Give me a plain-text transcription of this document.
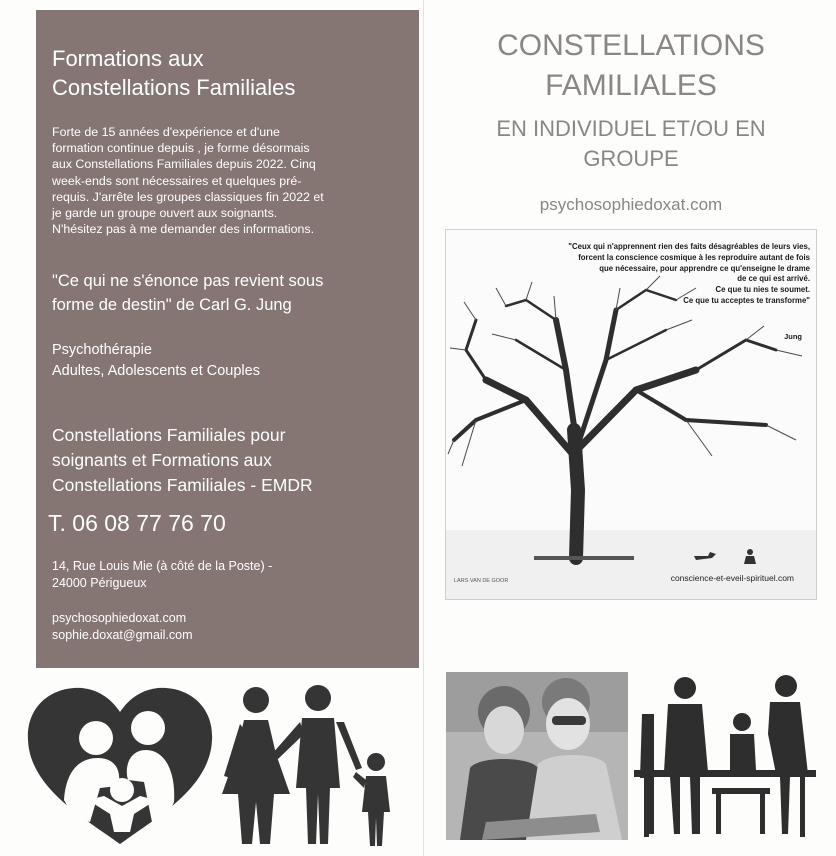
Formations aux
Constellations Familiales
Forte de 15 années d'expérience et d'une
formation continue depuis , je forme désormais
aux Constellations Familiales depuis 2022. Cinq
week-ends sont nécessaires et quelques pré-
requis. J'arrête les groupes classiques fin 2022 et
je garde un groupe ouvert aux soignants.
N'hésitez pas à me demander des informations.
"Ce qui ne s'énonce pas revient sous
forme de destin" de Carl G. Jung
Psychothérapie
Adultes, Adolescents et Couples
Constellations Familiales pour
soignants et Formations aux
Constellations Familiales - EMDR
T. 06 08 77 76 70
14, Rue Louis Mie (à côté de la Poste) -
24000 Périgueux
psychosophiedoxat.com
sophie.doxat@gmail.com
CONSTELLATIONS
FAMILIALES
EN INDIVIDUEL ET/OU EN
GROUPE
psychosophiedoxat.com
"Ceux qui n'apprennent rien des faits désagréables de leurs vies,
forcent la conscience cosmique à les reproduire autant de fois
que nécessaire, pour apprendre ce qu'enseigne le drame
de ce qui est arrivé.
Ce que tu nies te soumet.
Ce que tu acceptes te transforme"
Jung
LARS VAN DE GOOR	conscience-et-eveil-spirituel.com
